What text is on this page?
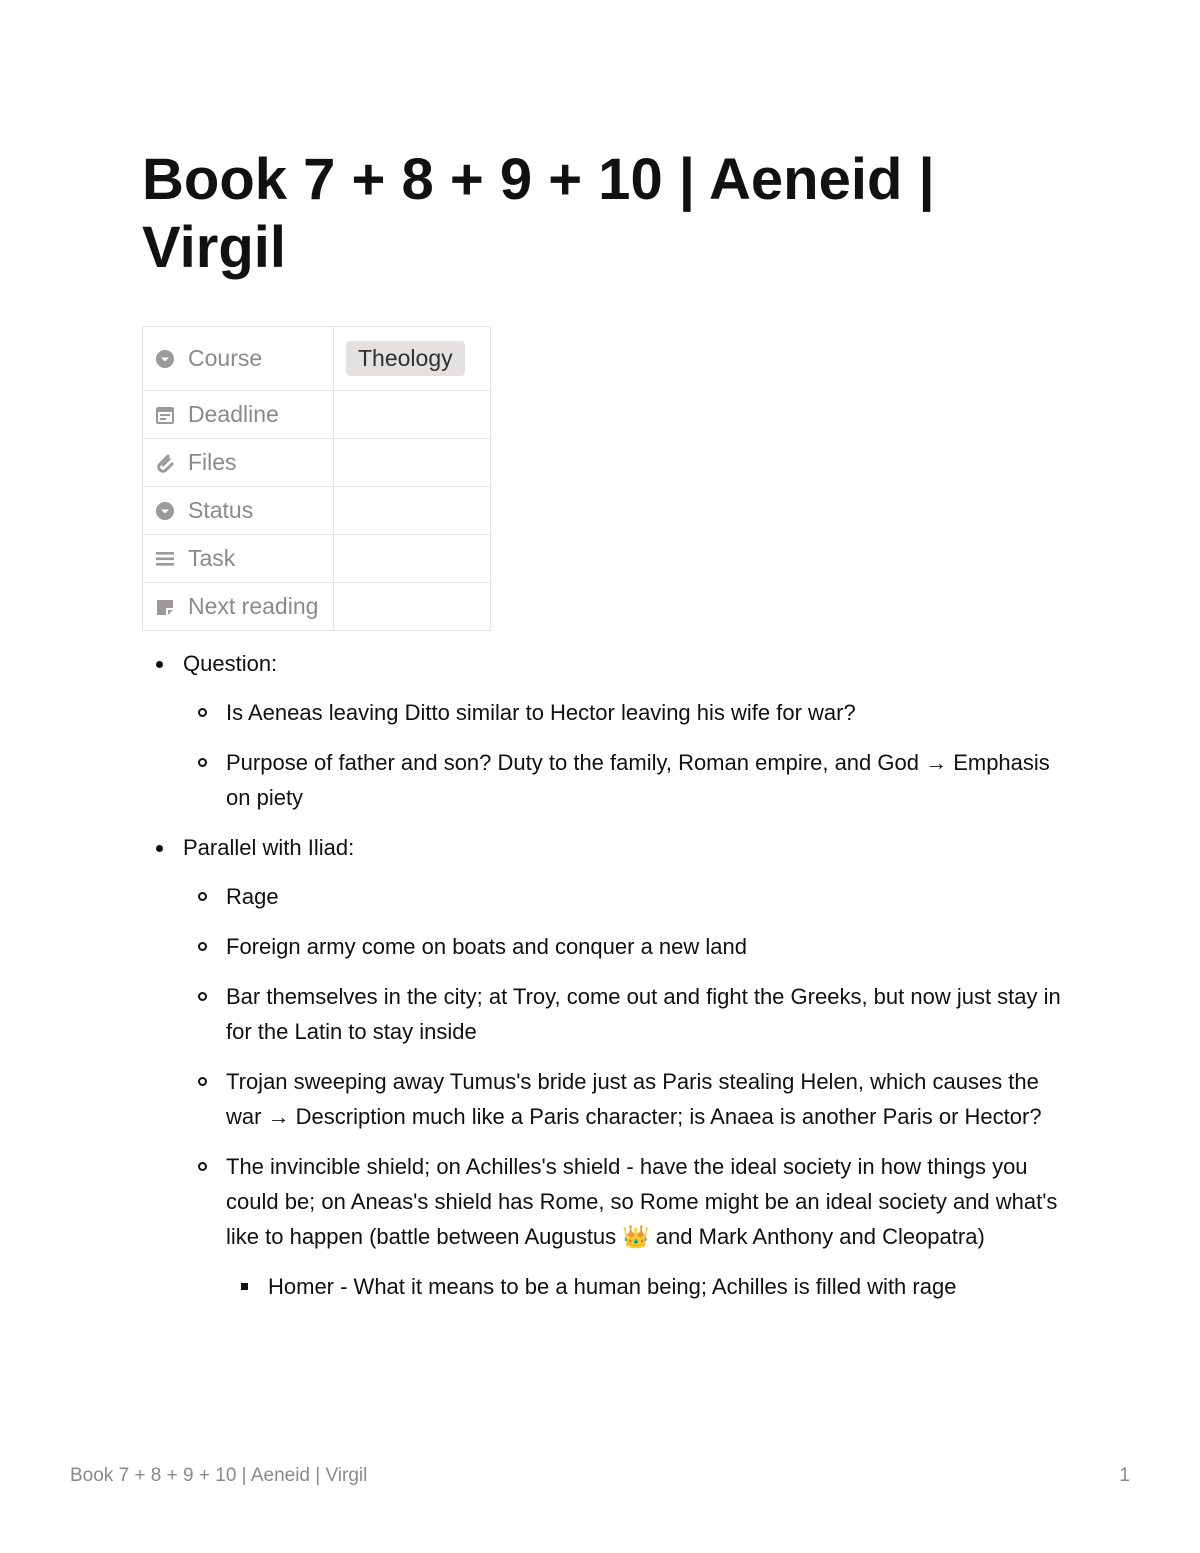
Book 7 + 8 + 9 + 10 | Aeneid | Virgil
Course	Theology

Deadline	

Files	

Status	

Task	

Next reading	

Question:
Is Aeneas leaving Ditto similar to Hector leaving his wife for war?
Purpose of father and son? Duty to the family, Roman empire, and God → Emphasis on piety
Parallel with Iliad:
Rage
Foreign army come on boats and conquer a new land
Bar themselves in the city; at Troy, come out and fight the Greeks, but now just stay in for the Latin to stay inside
Trojan sweeping away Tumus's bride just as Paris stealing Helen, which causes the war → Description much like a Paris character; is Anaea is another Paris or Hector?
The invincible shield; on Achilles's shield - have the ideal society in how things you could be; on Aneas's shield has Rome, so Rome might be an ideal society and what's like to happen (battle between Augustus 👑 and Mark Anthony and Cleopatra)
Homer - What it means to be a human being; Achilles is filled with rage
Book 7 + 8 + 9 + 10 | Aeneid | Virgil	1
